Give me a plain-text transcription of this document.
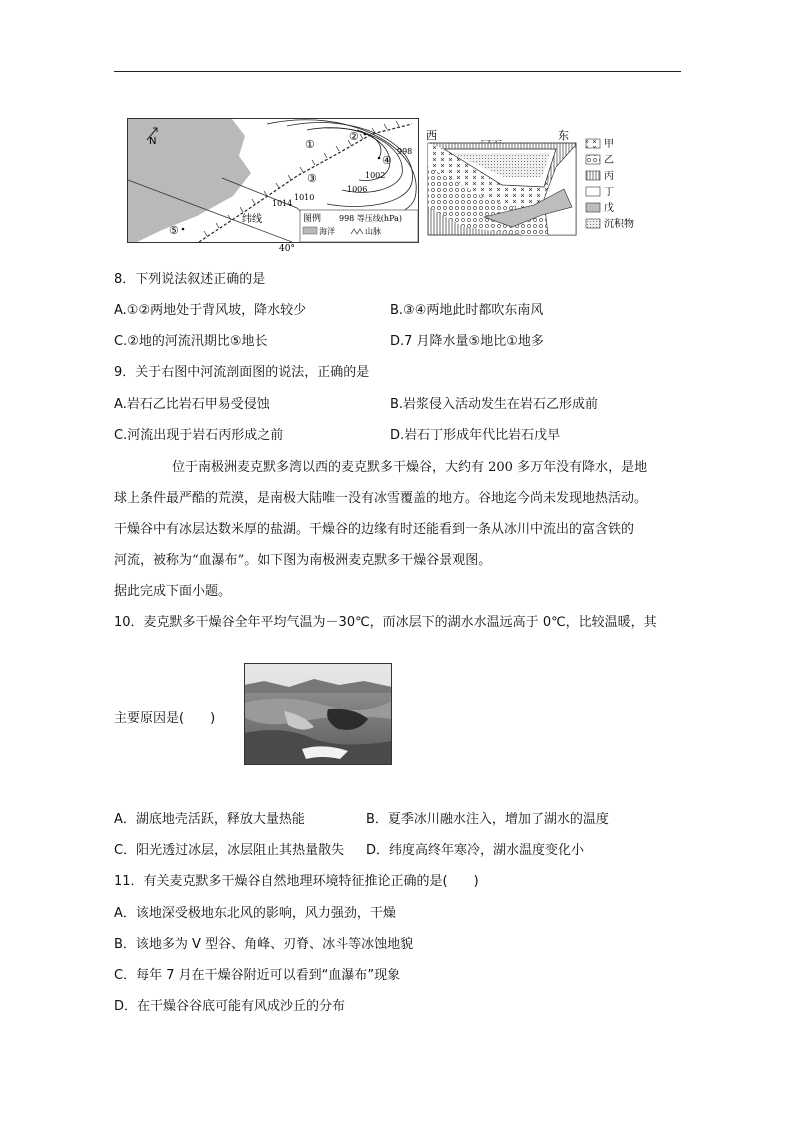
N	①
②
③
④
⑤
998
1002
1006
1010
1014
纬线
40°
图例 998 等压线(hPa)
海洋	山脉
西	东
甲
乙
丙
丁
戊
沉积物
8．下列说法叙述正确的是
A.①②两地处于背风坡，降水较少	B.③④两地此时都吹东南风
C.②地的河流汛期比⑤地长	D.7 月降水量⑤地比①地多
9．关于右图中河流剖面图的说法，正确的是
A.岩石乙比岩石甲易受侵蚀	B.岩浆侵入活动发生在岩石乙形成前
C.河流出现于岩石丙形成之前	D.岩石丁形成年代比岩石戊早
位于南极洲麦克默多湾以西的麦克默多干燥谷，大约有 200 多万年没有降水，是地
球上条件最严酷的荒漠，是南极大陆唯一没有冰雪覆盖的地方。谷地迄今尚未发现地热活动。
干燥谷中有冰层达数米厚的盐湖。干燥谷的边缘有时还能看到一条从冰川中流出的富含铁的
河流，被称为“血瀑布”。如下图为南极洲麦克默多干燥谷景观图。
据此完成下面小题。
10．麦克默多干燥谷全年平均气温为－30℃，而冰层下的湖水水温远高于 0℃，比较温暖，其
主要原因是(　　)
A．湖底地壳活跃，释放大量热能	B．夏季冰川融水注入，增加了湖水的温度
C．阳光透过冰层，冰层阻止其热量散失 D．纬度高终年寒冷，湖水温度变化小
11．有关麦克默多干燥谷自然地理环境特征推论正确的是(　　)
A．该地深受极地东北风的影响，风力强劲，干燥
B．该地多为 V 型谷、角峰、刃脊、冰斗等冰蚀地貌
C．每年 7 月在干燥谷附近可以看到“血瀑布”现象
D．在干燥谷谷底可能有风成沙丘的分布
